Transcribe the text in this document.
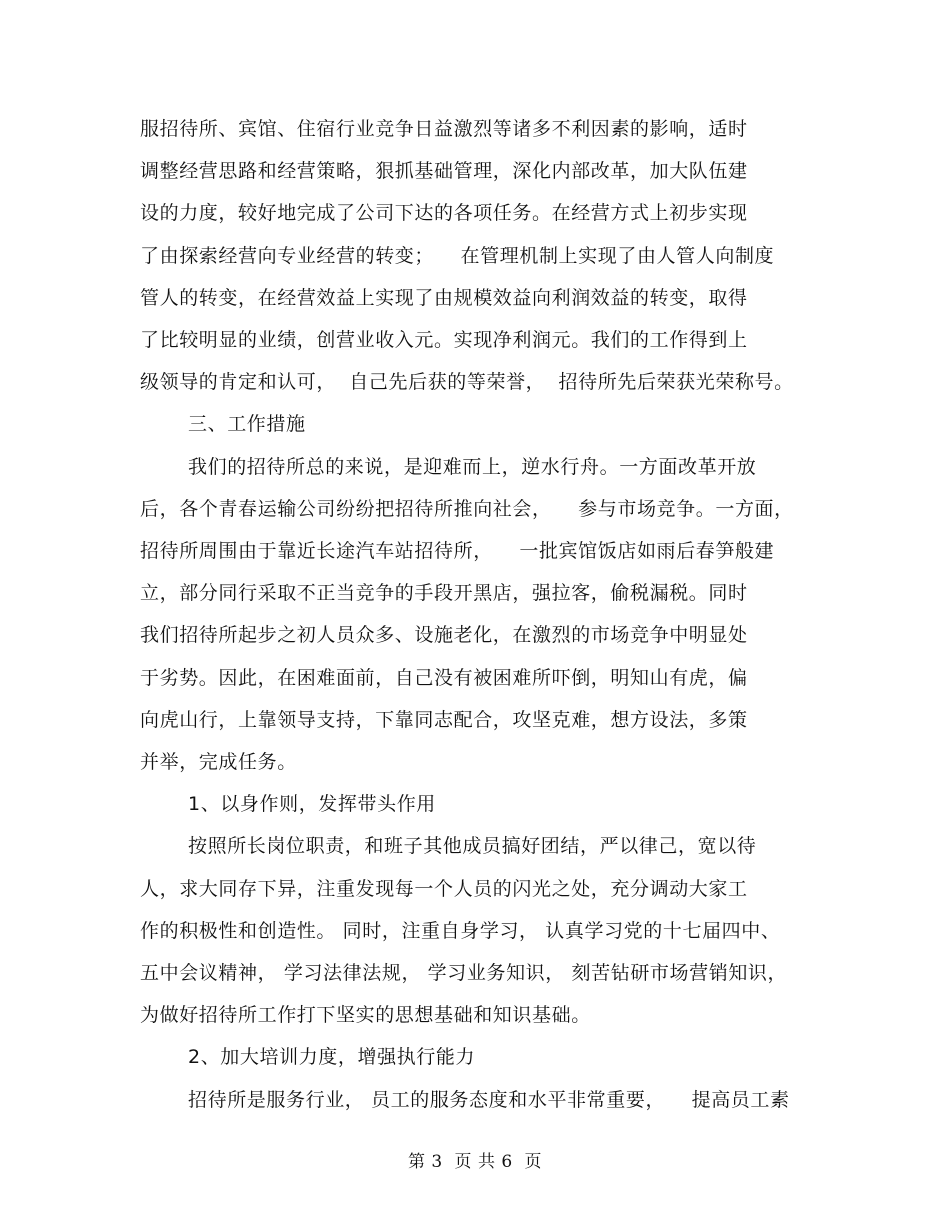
服招待所、宾馆、住宿行业竞争日益激烈等诸多不利因素的影响，适时
调整经营思路和经营策略，狠抓基础管理，深化内部改革，加大队伍建
设的力度，较好地完成了公司下达的各项任务。在经营方式上初步实现
了由探索经营向专业经营的转变；    在管理机制上实现了由人管人向制度
管人的转变，在经营效益上实现了由规模效益向利润效益的转变，取得
了比较明显的业绩，创营业收入元。实现净利润元。我们的工作得到上
级领导的肯定和认可，  自己先后获的等荣誉，  招待所先后荣获光荣称号。
三、工作措施
我们的招待所总的来说，是迎难而上，逆水行舟。一方面改革开放
后，各个青春运输公司纷纷把招待所推向社会，    参与市场竞争。一方面，
招待所周围由于靠近长途汽车站招待所，    一批宾馆饭店如雨后春笋般建
立，部分同行采取不正当竞争的手段开黑店，强拉客，偷税漏税。同时
我们招待所起步之初人员众多、设施老化，在激烈的市场竞争中明显处
于劣势。因此，在困难面前，自己没有被困难所吓倒，明知山有虎，偏
向虎山行，上靠领导支持，下靠同志配合，攻坚克难，想方设法，多策
并举，完成任务。
1、以身作则，发挥带头作用
按照所长岗位职责，和班子其他成员搞好团结，严以律己，宽以待
人，求大同存下异，注重发现每一个人员的闪光之处，充分调动大家工
作的积极性和创造性。 同时，注重自身学习， 认真学习党的十七届四中、
五中会议精神， 学习法律法规， 学习业务知识， 刻苦钻研市场营销知识，
为做好招待所工作打下坚实的思想基础和知识基础。
2、加大培训力度，增强执行能力
招待所是服务行业， 员工的服务态度和水平非常重要，    提高员工素
第 3  页 共 6  页
